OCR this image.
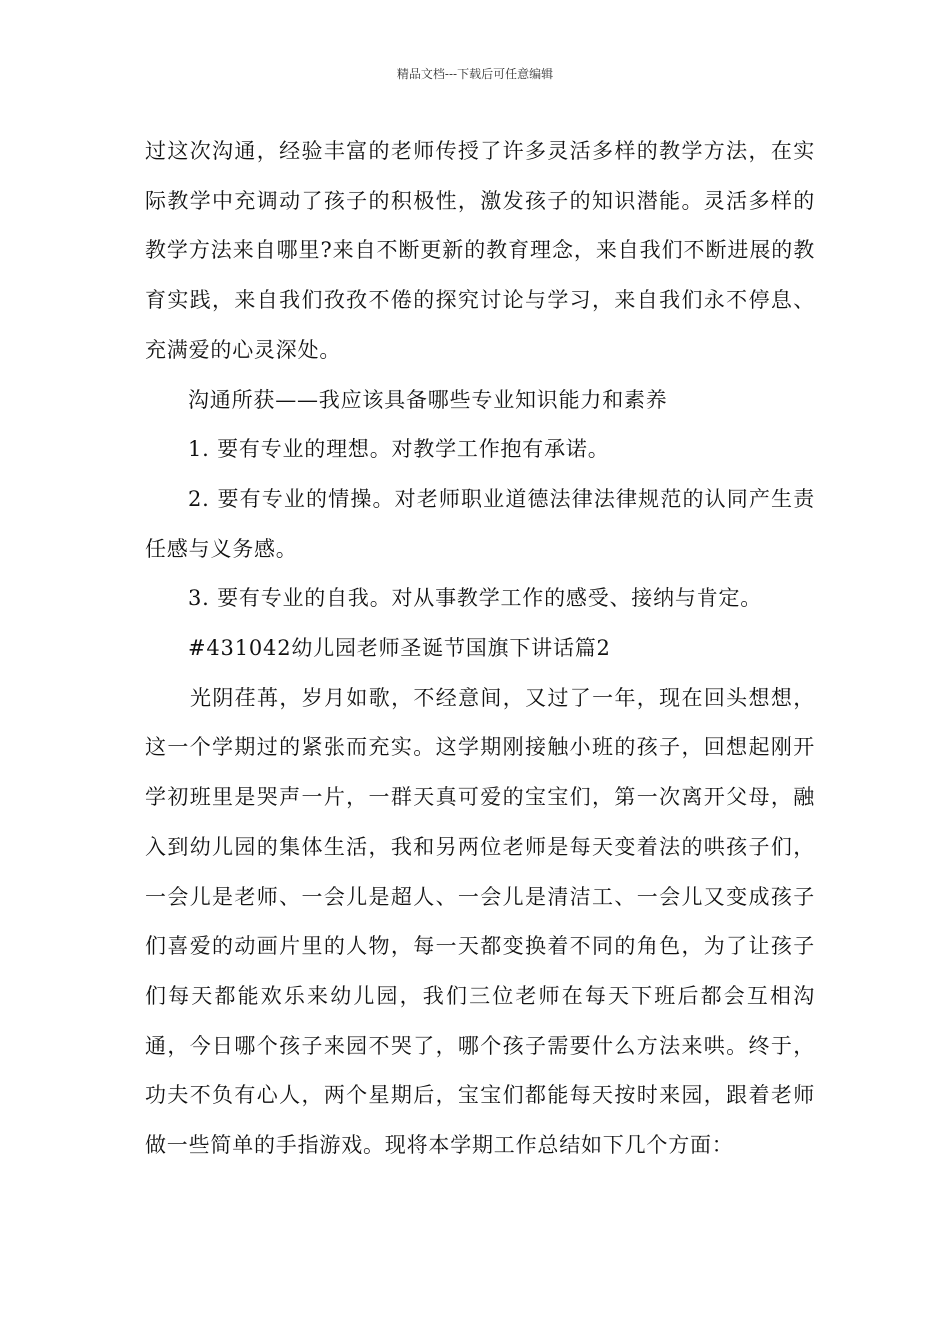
精品文档---下载后可任意编辑

过这次沟通，经验丰富的老师传授了许多灵活多样的教学方法，在实际教学中充调动了孩子的积极性，激发孩子的知识潜能。灵活多样的教学方法来自哪里?来自不断更新的教育理念，来自我们不断进展的教育实践，来自我们孜孜不倦的探究讨论与学习，来自我们永不停息、充满爱的心灵深处。

沟通所获——我应该具备哪些专业知识能力和素养

1. 要有专业的理想。对教学工作抱有承诺。

2. 要有专业的情操。对老师职业道德法律法律规范的认同产生责任感与义务感。

3. 要有专业的自我。对从事教学工作的感受、接纳与肯定。

#431042幼儿园老师圣诞节国旗下讲话篇2

光阴荏苒，岁月如歌，不经意间，又过了一年，现在回头想想，这一个学期过的紧张而充实。这学期刚接触小班的孩子，回想起刚开学初班里是哭声一片，一群天真可爱的宝宝们，第一次离开父母，融入到幼儿园的集体生活，我和另两位老师是每天变着法的哄孩子们，一会儿是老师、一会儿是超人、一会儿是清洁工、一会儿又变成孩子们喜爱的动画片里的人物，每一天都变换着不同的角色，为了让孩子们每天都能欢乐来幼儿园，我们三位老师在每天下班后都会互相沟通，今日哪个孩子来园不哭了，哪个孩子需要什么方法来哄。终于，功夫不负有心人，两个星期后，宝宝们都能每天按时来园，跟着老师做一些简单的手指游戏。现将本学期工作总结如下几个方面：
